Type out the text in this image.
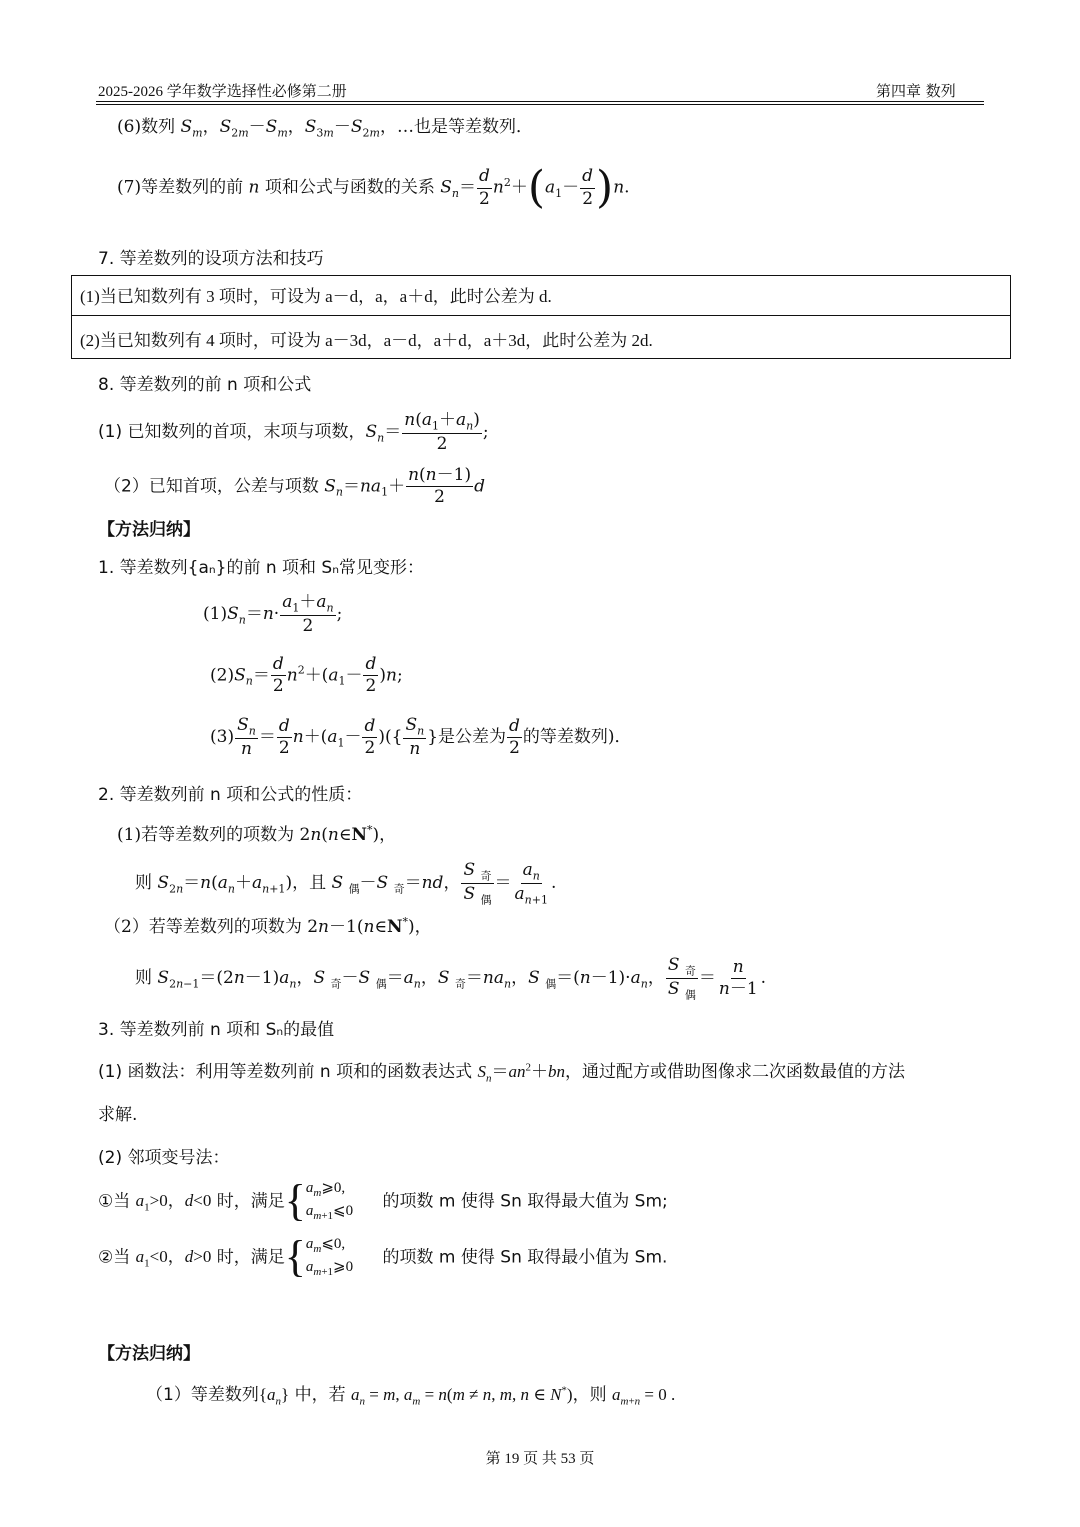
2025-2026 学年数学选择性必修第二册	第四章 数列
(6)数列 $S_m$，$S_{2m}-S_m$，$S_{3m}-S_{2m}$，…也是等差数列．
(7)等差数列的前 n 项和公式与函数的关系 $S_n= \frac{d}{2} n^2+(a_1- \frac{d}{2} )n$.
7. 等差数列的设项方法和技巧
(1)当已知数列有 3 项时，可设为 a－d，a，a＋d，此时公差为 d.
(2)当已知数列有 4 项时，可设为 a－3d，a－d，a＋d，a＋3d，此时公差为 2d.
8. 等差数列的前 n 项和公式
(1) 已知数列的首项，末项与项数，$S_n= \frac{n(a_1+a_n)}{2}$ ;
（2）已知首项，公差与项数 $S_n=na_1+ \frac{n(n-1)}{2}$ d
【方法归纳】
1. 等差数列{aₙ}的前 n 项和 Sₙ常见变形：
$(1)S_n=n\cdot \frac{a_1+a_n}{2}$ ;
$(2)S_n= \frac{d}{2} n^2+(a_1- \frac{d}{2} )n$;
$(3) \frac{S_n}{n} = \frac{d}{2} n+(a_1- \frac{d}{2}$ )({ $\frac{S_n}{n}$ }是公差为 $\frac{d}{2}$ 的等差数列)．
2. 等差数列前 n 项和公式的性质：
(1)若等差数列的项数为 2n(n∈N*)，
则 $S_{2n}=n(a_n+a_{n+1})$，且 S $_偶$－S $_奇$＝nd， $\frac{S _奇}{S _偶} = \frac{a_n}{a_{n+1}}$ .
（2）若等差数列的项数为 2n－1(n∈N*)，
则 $S_{2n-1}=(2n-1)a_n$，S $_奇$－S $_偶=a_n$，S $_奇=na_n$，S $_偶=(n-1)\cdot a_n$， $\frac{S _奇}{S _偶} = \frac{n}{n-1}$ .
3. 等差数列前 n 项和 Sₙ的最值
(1) 函数法：利用等差数列前 n 项和的函数表达式 $S_n=an^2+bn$，通过配方或借助图像求二次函数最值的方法
求解.
(2) 邻项变号法：
①当 $a_1>0$，d<0 时，满足 { $a_m⩾0$,
$a_{m+1}⩽0$ 的项数 m 使得 Sn 取得最大值为 Sm;
②当 $a_1<0$，d>0 时，满足 { $a_m⩽0$,
$a_{m+1}⩾0$ 的项数 m 使得 Sn 取得最小值为 Sm.
【方法归纳】
（1）等差数列$\{a_n\}$ 中，若 $a_n = m$, $a_m = n(m \ne n$, m, n ∈ N*)，则 $a_{m+n} = 0$ .
第 19 页 共 53 页
